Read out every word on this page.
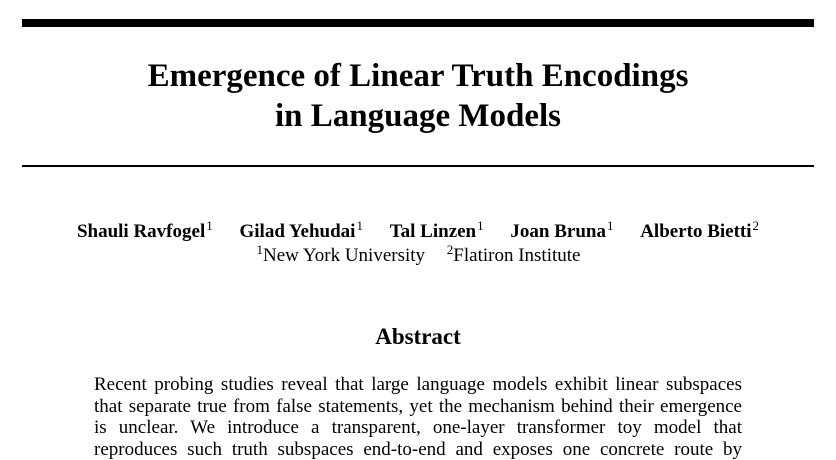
Emergence of Linear Truth Encodings
in Language Models
Shauli Ravfogel$^1$ Gilad Yehudai$^1$ Tal Linzen$^1$ Joan Bruna$^1$ Alberto Bietti$^2$
$^1$New York University $^2$Flatiron Institute
Abstract
Recent probing studies reveal that large language models exhibit linear subspaces
that separate true from false statements, yet the mechanism behind their emergence
is unclear. We introduce a transparent, one-layer transformer toy model that
reproduces such truth subspaces end-to-end and exposes one concrete route by
